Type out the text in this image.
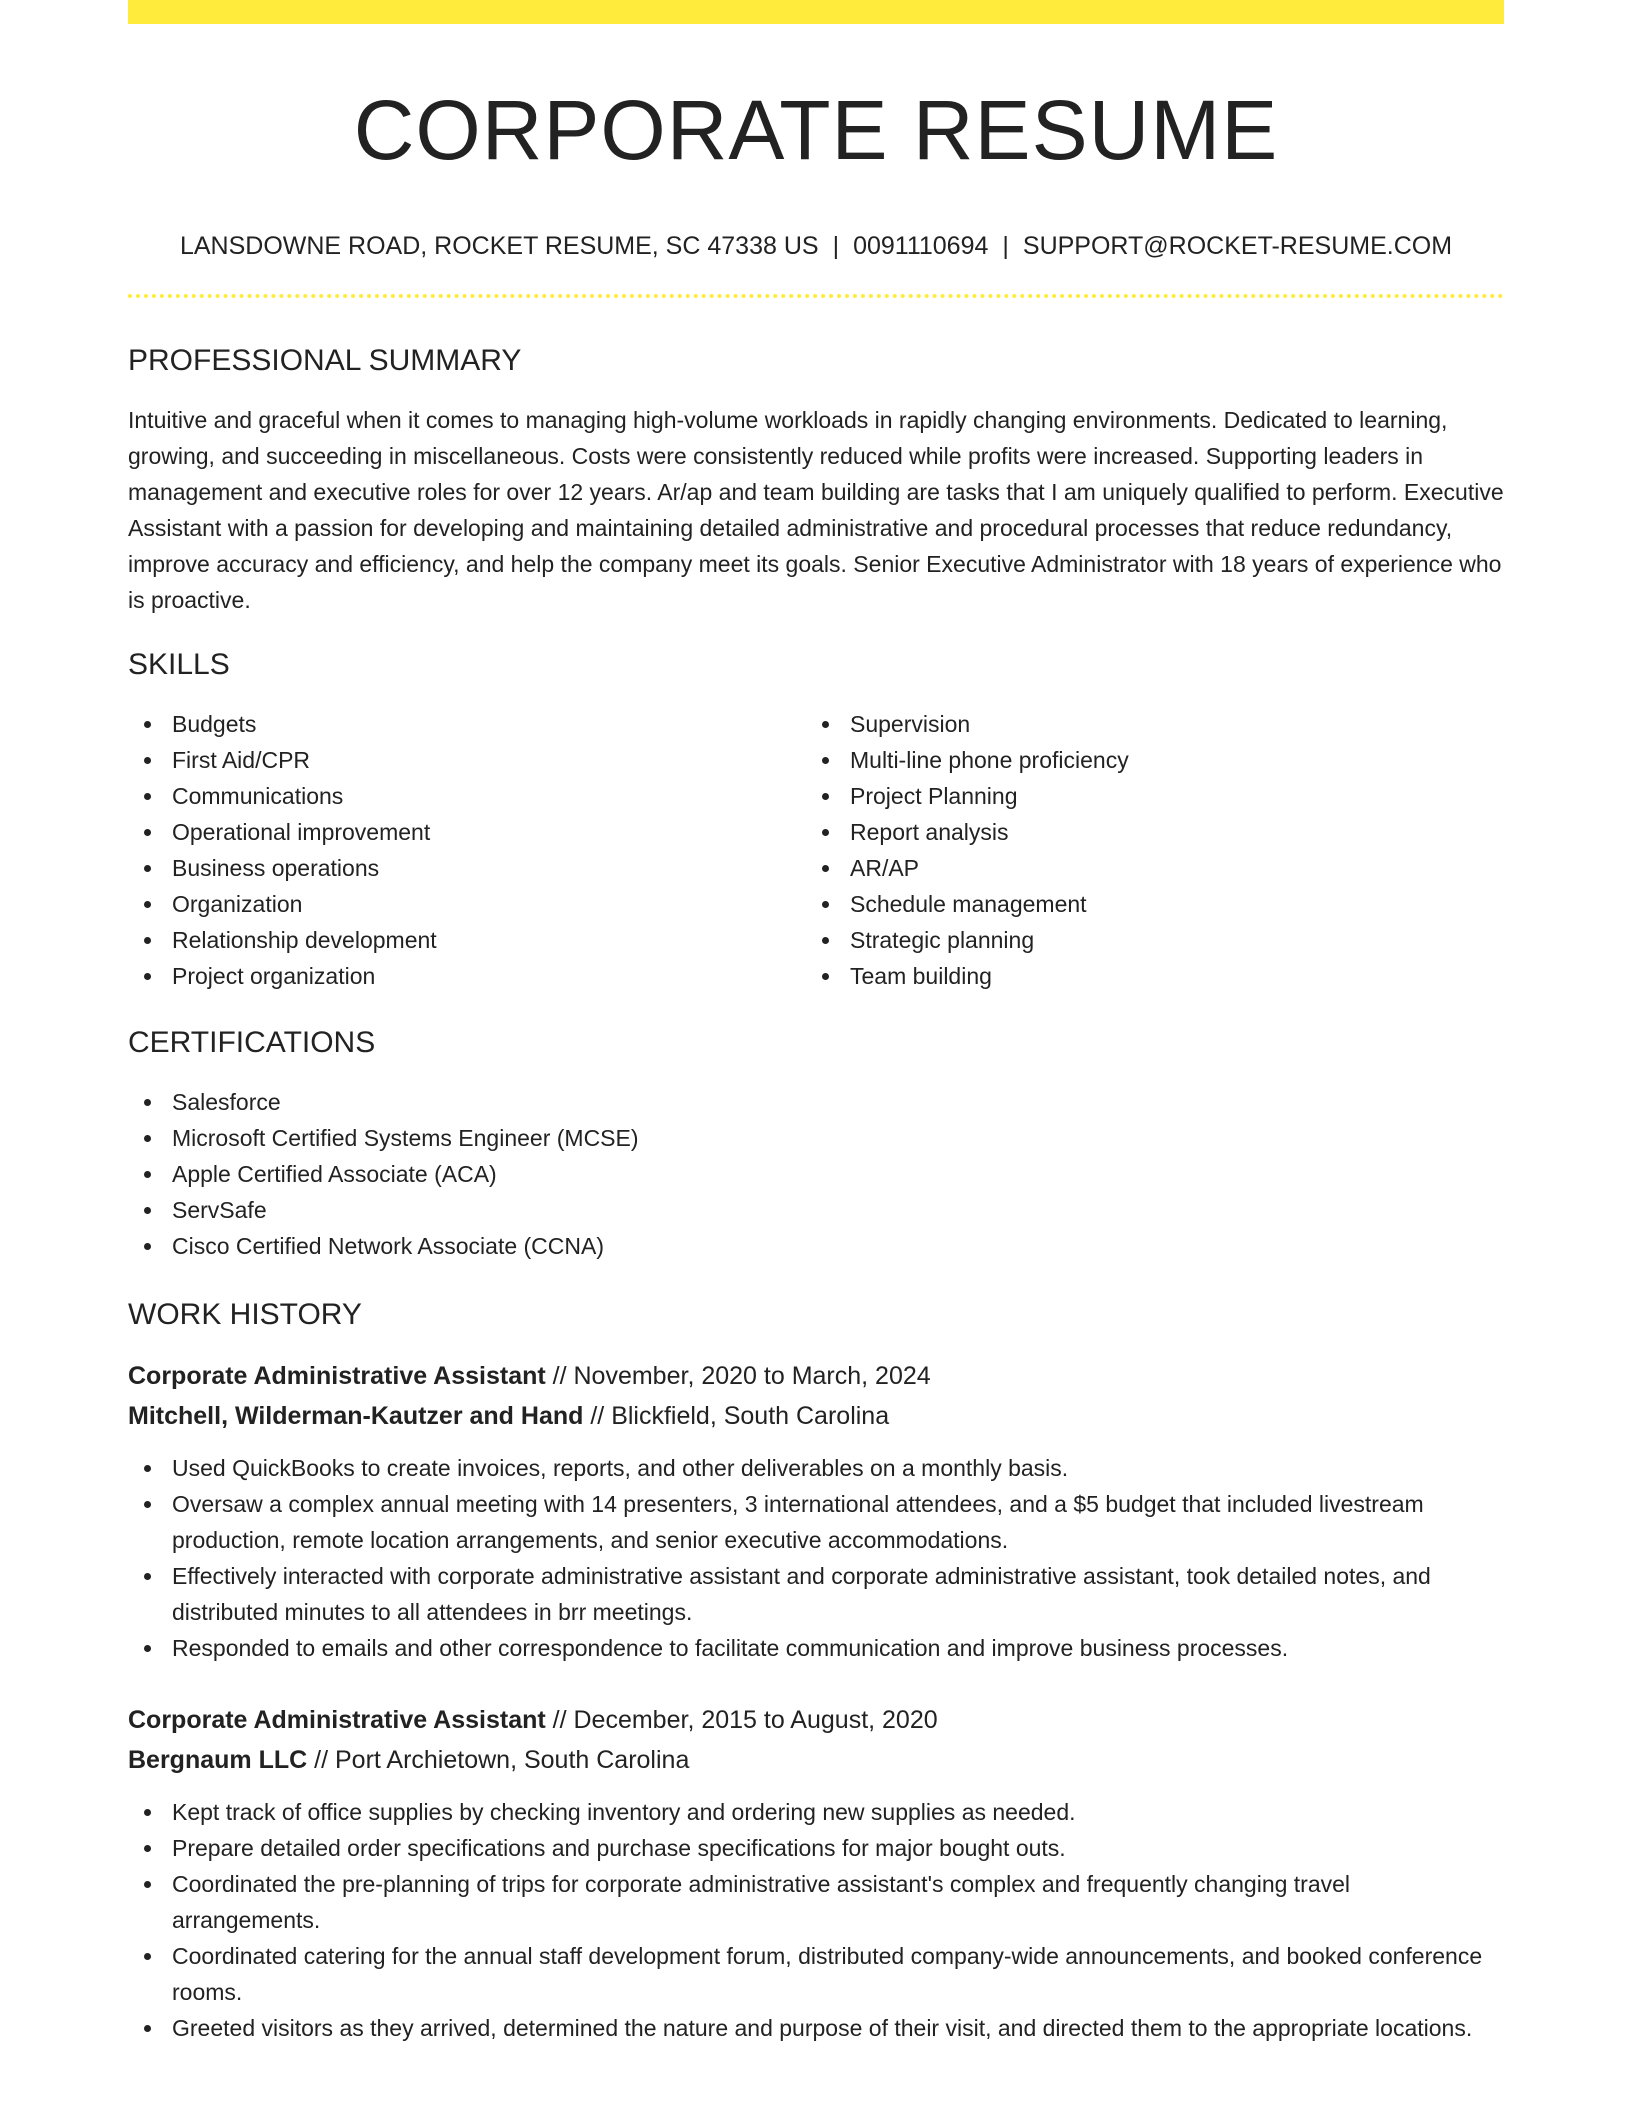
CORPORATE RESUME
LANSDOWNE ROAD, ROCKET RESUME, SC 47338 US | 0091110694 | SUPPORT@ROCKET-RESUME.COM
PROFESSIONAL SUMMARY

Intuitive and graceful when it comes to managing high-volume workloads in rapidly changing environments. Dedicated to learning, growing, and succeeding in miscellaneous. Costs were consistently reduced while profits were increased. Supporting leaders in management and executive roles for over 12 years. Ar/ap and team building are tasks that I am uniquely qualified to perform. Executive Assistant with a passion for developing and maintaining detailed administrative and procedural processes that reduce redundancy, improve accuracy and efficiency, and help the company meet its goals. Senior Executive Administrator with 18 years of experience who is proactive.

SKILLS
Budgets
First Aid/CPR
Communications
Operational improvement
Business operations
Organization
Relationship development
Project organization
Supervision
Multi-line phone proficiency
Project Planning
Report analysis
AR/AP
Schedule management
Strategic planning
Team building
CERTIFICATIONS
Salesforce
Microsoft Certified Systems Engineer (MCSE)
Apple Certified Associate (ACA)
ServSafe
Cisco Certified Network Associate (CCNA)
WORK HISTORY
Corporate Administrative Assistant // November, 2020 to March, 2024
Mitchell, Wilderman-Kautzer and Hand // Blickfield, South Carolina
Used QuickBooks to create invoices, reports, and other deliverables on a monthly basis.
Oversaw a complex annual meeting with 14 presenters, 3 international attendees, and a $5 budget that included livestream production, remote location arrangements, and senior executive accommodations.
Effectively interacted with corporate administrative assistant and corporate administrative assistant, took detailed notes, and distributed minutes to all attendees in brr meetings.
Responded to emails and other correspondence to facilitate communication and improve business processes.
Corporate Administrative Assistant // December, 2015 to August, 2020
Bergnaum LLC // Port Archietown, South Carolina
Kept track of office supplies by checking inventory and ordering new supplies as needed.
Prepare detailed order specifications and purchase specifications for major bought outs.
Coordinated the pre-planning of trips for corporate administrative assistant's complex and frequently changing travel arrangements.
Coordinated catering for the annual staff development forum, distributed company-wide announcements, and booked conference rooms.
Greeted visitors as they arrived, determined the nature and purpose of their visit, and directed them to the appropriate locations.
